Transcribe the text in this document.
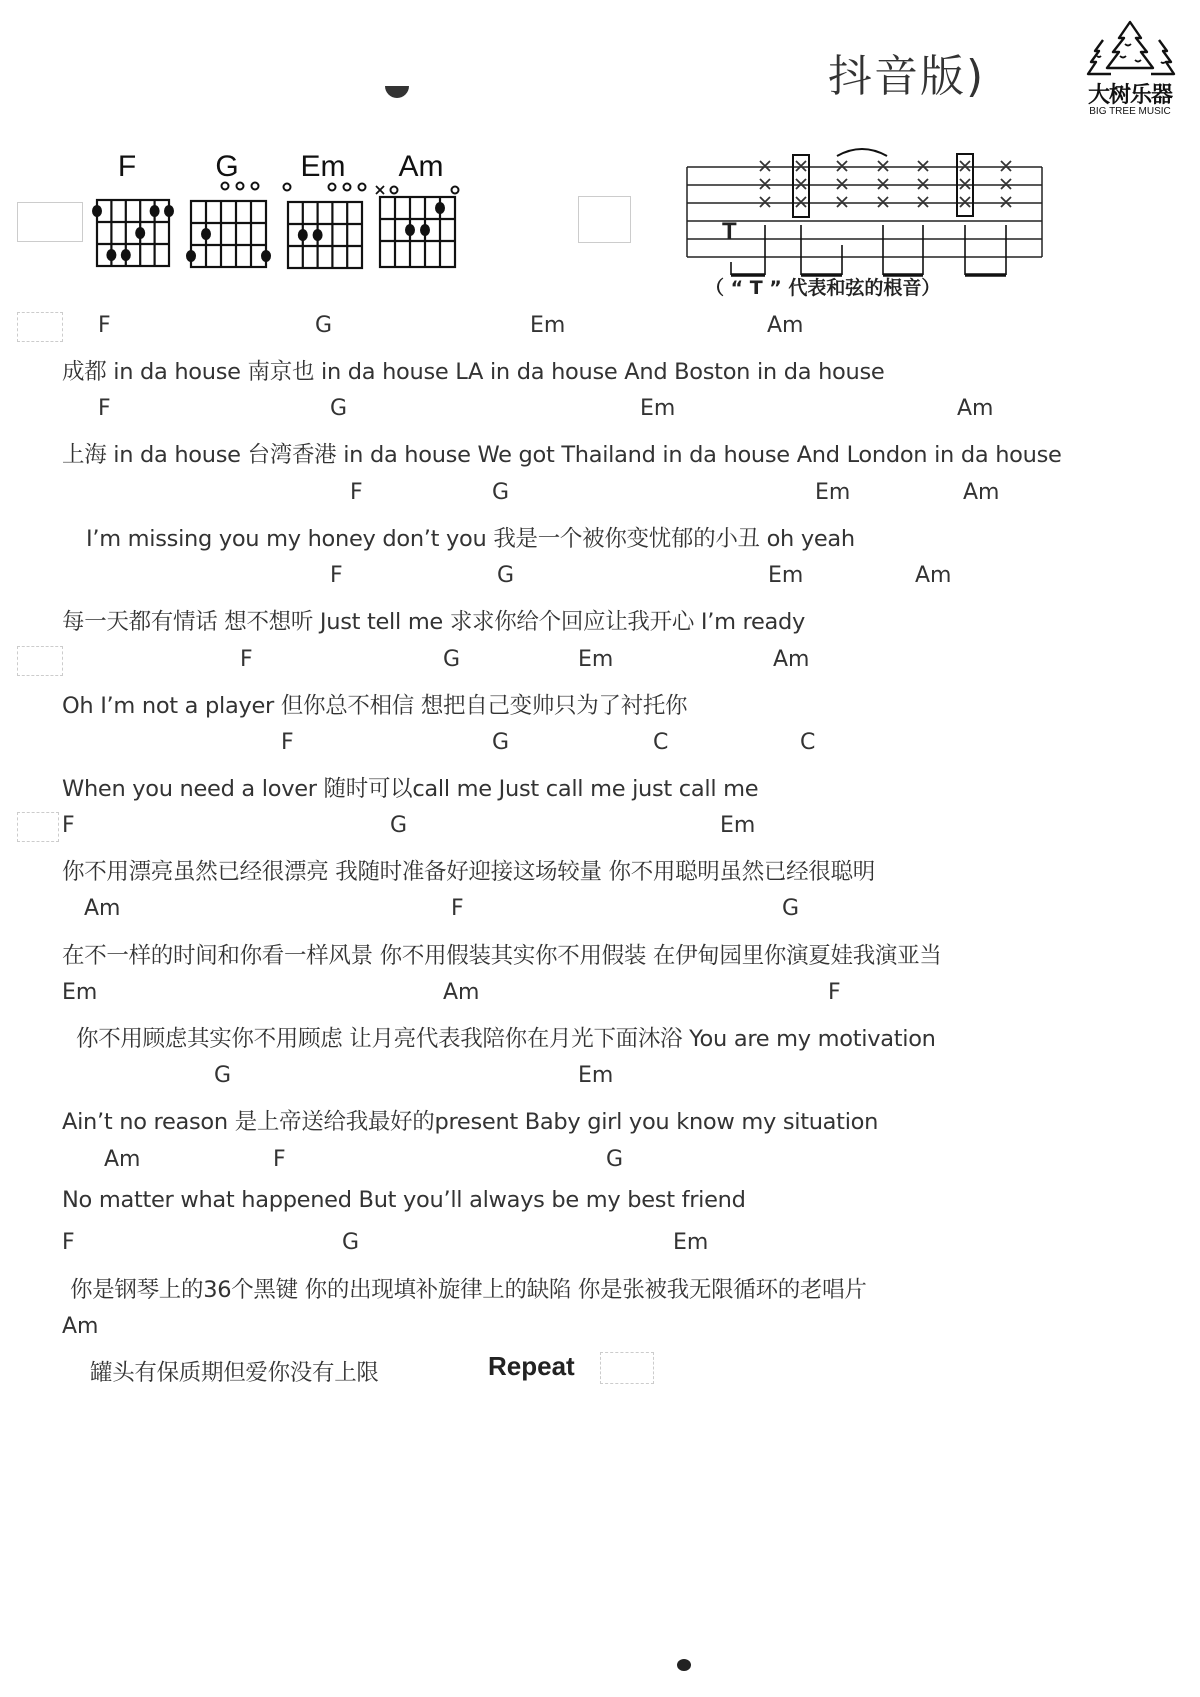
抖音版)	大树乐器
BIG TREE MUSIC
F	G	Em Am
T
（ “ T ” 代表和弦的根音）
F	G	Em	Am
成都 in da house 南京也 in da house LA in da house And Boston in da house
F	G	Em	Am
上海 in da house 台湾香港 in da house We got Thailand in da house And London in da house
F	G	Em	Am
I’m missing you my honey don’t you 我是一个被你变忧郁的小丑 oh yeah
F	G	Em	Am
每一天都有情话 想不想听 Just tell me 求求你给个回应让我开心 I’m ready
F	G	Em	Am
Oh I’m not a player 但你总不相信 想把自己变帅只为了衬托你
F	G	C	C
When you need a lover 随时可以call me Just call me just call me
F	G	Em
你不用漂亮虽然已经很漂亮 我随时准备好迎接这场较量 你不用聪明虽然已经很聪明
Am	F	G
在不一样的时间和你看一样风景 你不用假装其实你不用假装 在伊甸园里你演夏娃我演亚当
Em	Am	F
你不用顾虑其实你不用顾虑 让月亮代表我陪你在月光下面沐浴 You are my motivation
G	Em
Ain’t no reason 是上帝送给我最好的present Baby girl you know my situation
Am	F	G
No matter what happened But you’ll always be my best friend
F	G	Em
你是钢琴上的36个黑键 你的出现填补旋律上的缺陷 你是张被我无限循环的老唱片
Am
罐头有保质期但爱你没有上限	Repeat
